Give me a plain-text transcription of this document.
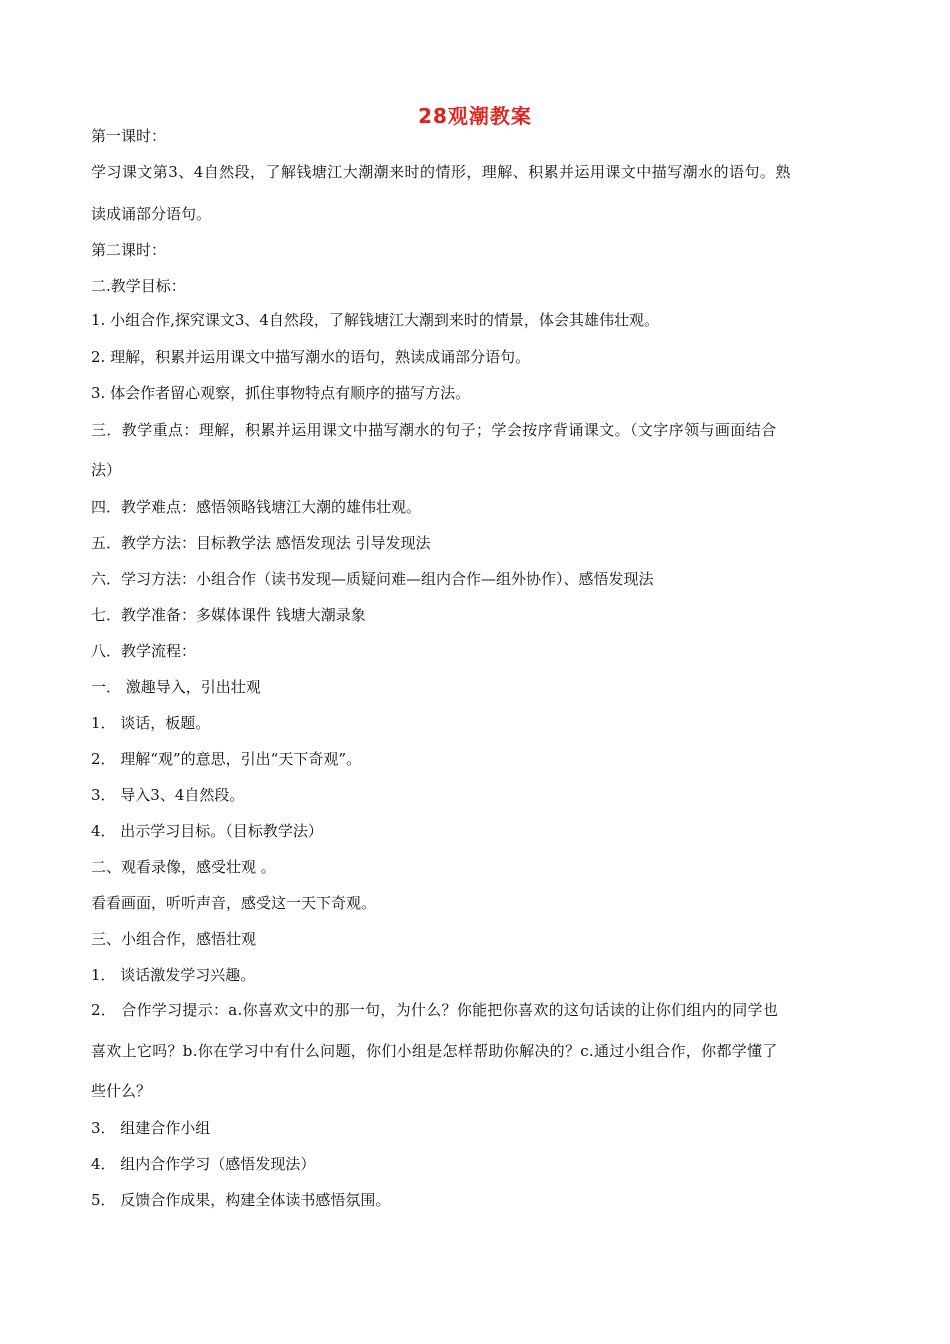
28观潮教案
第一课时：
学习课文第3、4自然段，了解钱塘江大潮潮来时的情形，理解、积累并运用课文中描写潮水的语句。熟
读成诵部分语句。
第二课时：
二.教学目标：
1. 小组合作,探究课文3、4自然段，了解钱塘江大潮到来时的情景，体会其雄伟壮观。
2. 理解，积累并运用课文中描写潮水的语句，熟读成诵部分语句。
3. 体会作者留心观察，抓住事物特点有顺序的描写方法。
三．教学重点：理解，积累并运用课文中描写潮水的句子；学会按序背诵课文。（文字序领与画面结合
法）
四．教学难点：感悟领略钱塘江大潮的雄伟壮观。
五．教学方法：目标教学法 感悟发现法 引导发现法
六．学习方法：小组合作（读书发现—质疑问难—组内合作—组外协作）、感悟发现法
七．教学准备：多媒体课件 钱塘大潮录象
八．教学流程：
一． 激趣导入，引出壮观
1． 谈话，板题。
2． 理解“观”的意思，引出“天下奇观”。
3． 导入3、4自然段。
4． 出示学习目标。（目标教学法）
二、观看录像，感受壮观 。
看看画面，听听声音，感受这一天下奇观。
三、小组合作，感悟壮观
1． 谈话激发学习兴趣。
2． 合作学习提示：a.你喜欢文中的那一句，为什么？你能把你喜欢的这句话读的让你们组内的同学也
喜欢上它吗？b.你在学习中有什么问题，你们小组是怎样帮助你解决的？c.通过小组合作，你都学懂了
些什么？
3． 组建合作小组
4． 组内合作学习（感悟发现法）
5． 反馈合作成果，构建全体读书感悟氛围。
